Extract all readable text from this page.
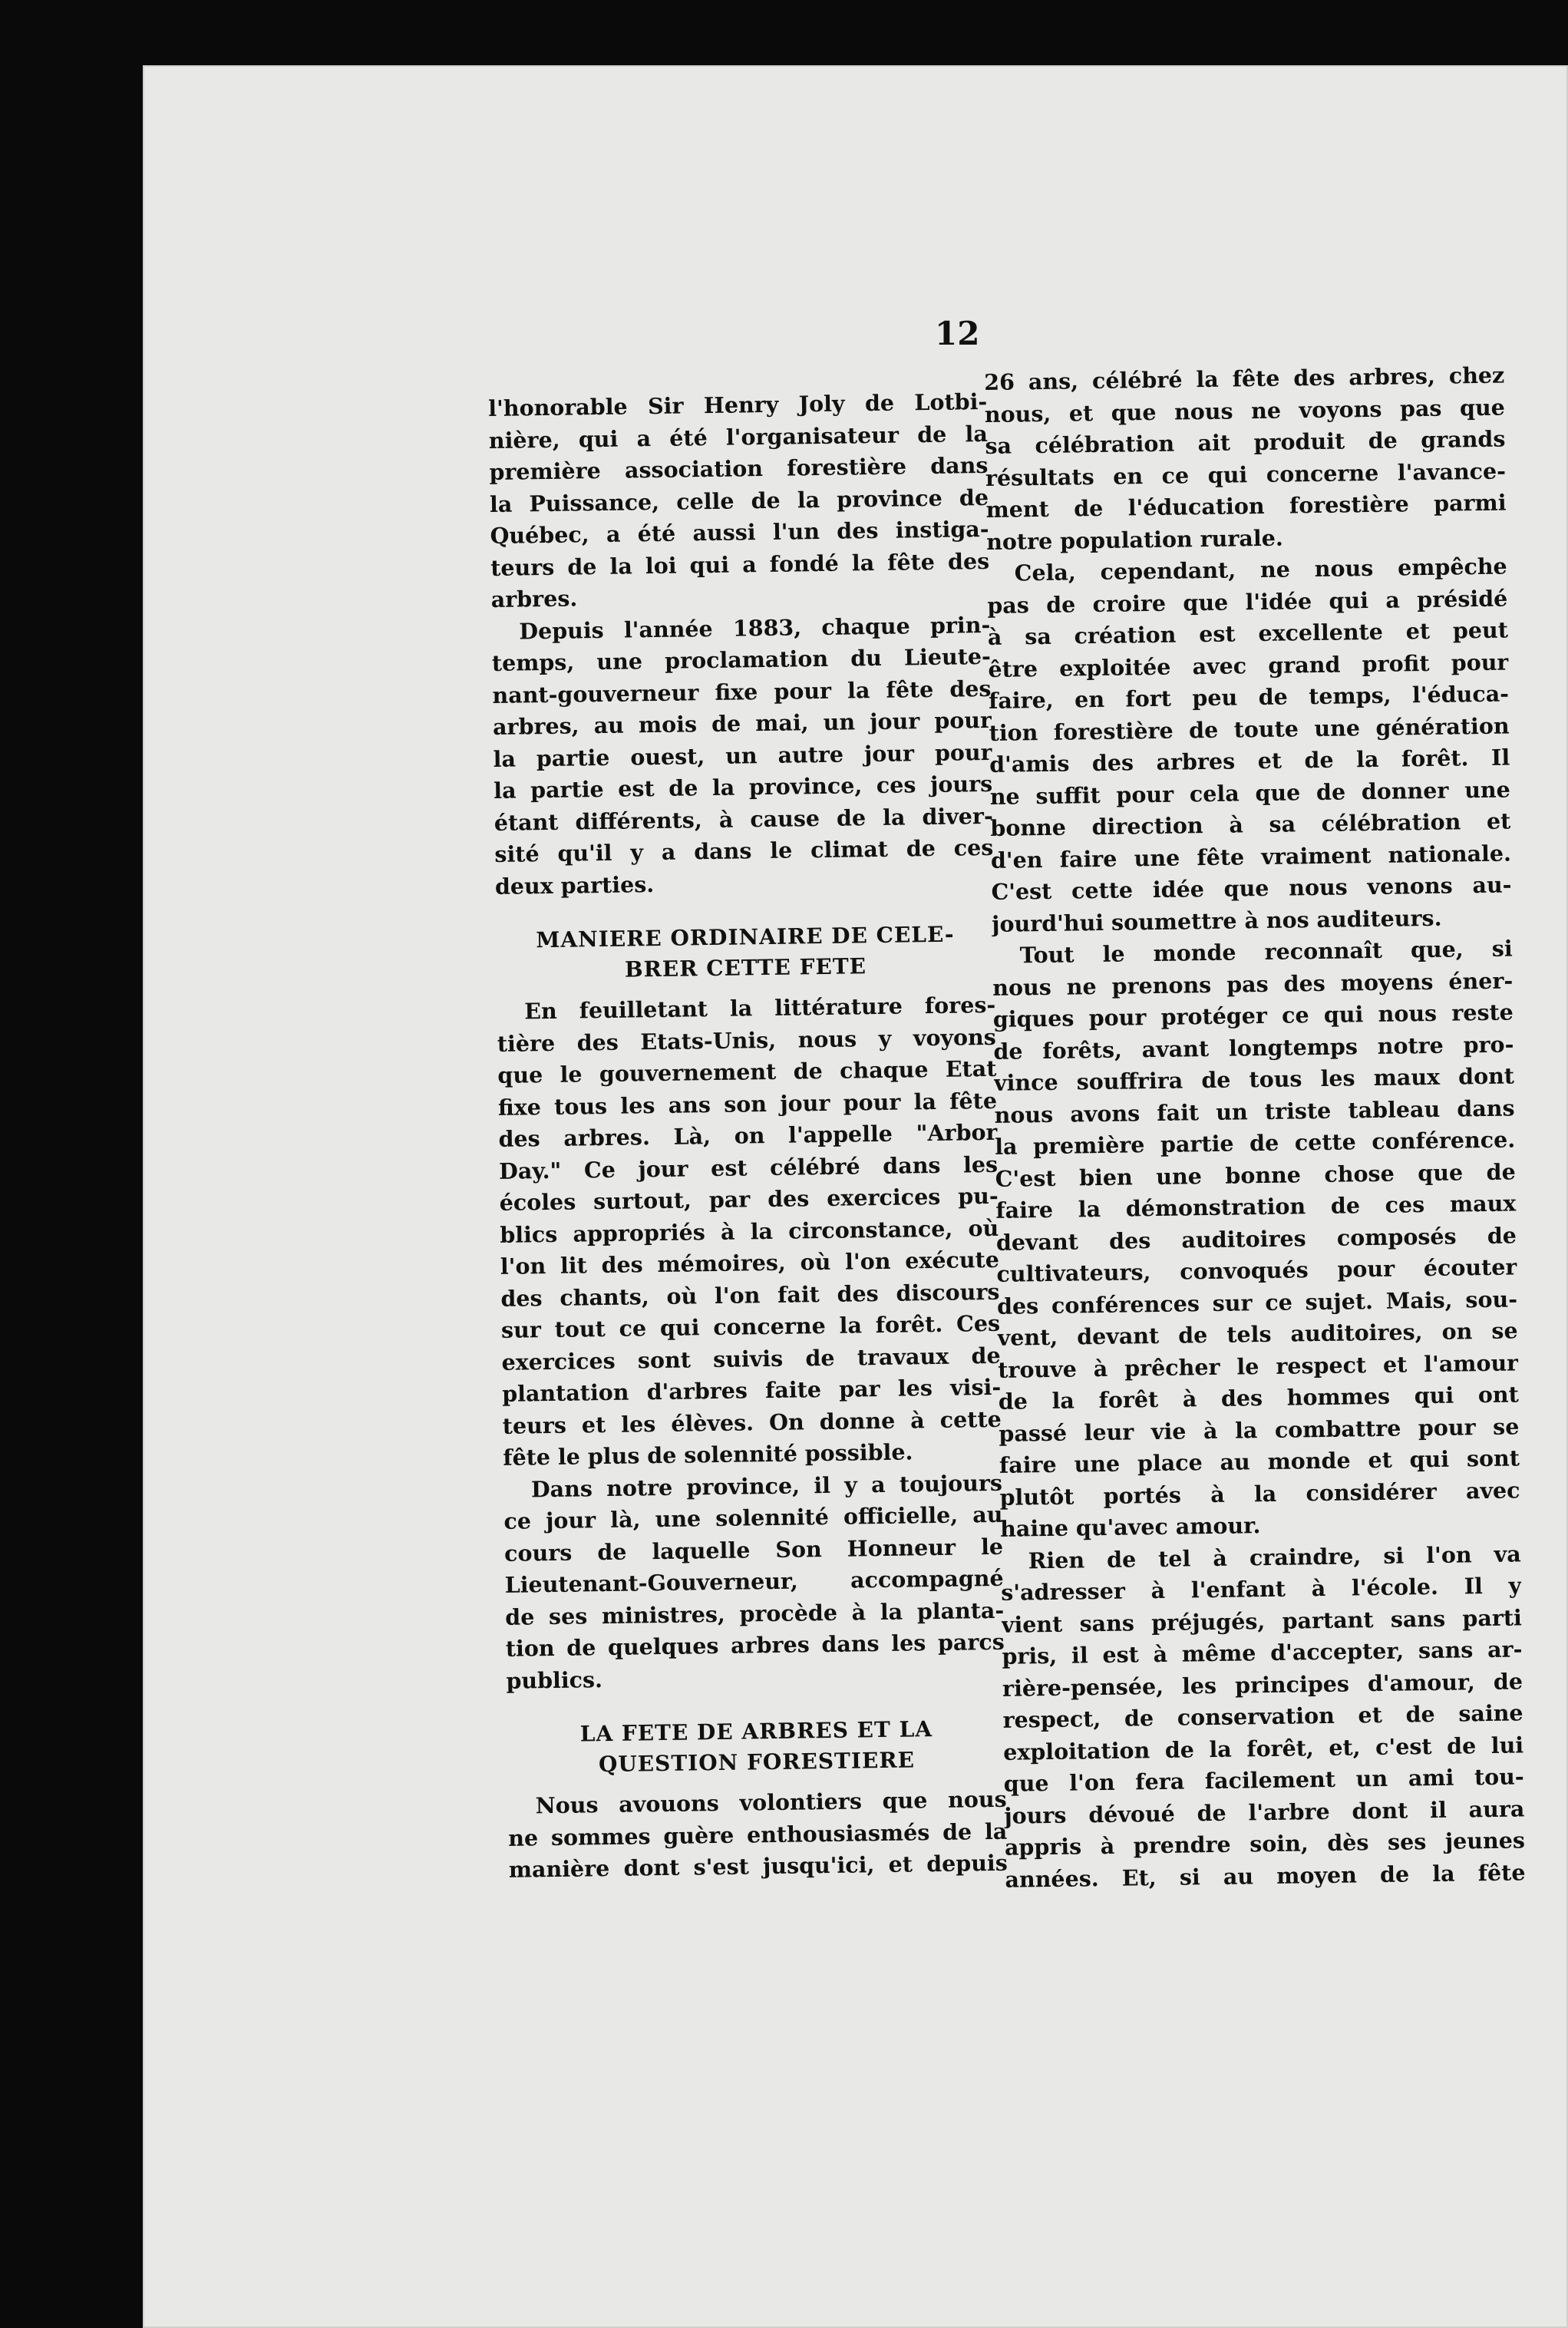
12
l'honorable Sir Henry Joly de Lotbi-
nière, qui a été l'organisateur de la
première association forestière dans
la Puissance, celle de la province de
Québec, a été aussi l'un des instiga-
teurs de la loi qui a fondé la fête des
arbres.
Depuis l'année 1883, chaque prin-
temps, une proclamation du Lieute-
nant-gouverneur fixe pour la fête des
arbres, au mois de mai, un jour pour
la partie ouest, un autre jour pour
la partie est de la province, ces jours
étant différents, à cause de la diver-
sité qu'il y a dans le climat de ces
deux parties.
MANIERE ORDINAIRE DE CELE-
BRER CETTE FETE
En feuilletant la littérature fores-
tière des Etats-Unis, nous y voyons
que le gouvernement de chaque Etat
fixe tous les ans son jour pour la fête
des arbres. Là, on l'appelle "Arbor
Day." Ce jour est célébré dans les
écoles surtout, par des exercices pu-
blics appropriés à la circonstance, où
l'on lit des mémoires, où l'on exécute
des chants, où l'on fait des discours
sur tout ce qui concerne la forêt. Ces
exercices sont suivis de travaux de
plantation d'arbres faite par les visi-
teurs et les élèves. On donne à cette
fête le plus de solennité possible.
Dans notre province, il y a toujours
ce jour là, une solennité officielle, au
cours de laquelle Son Honneur le
Lieutenant-Gouverneur, accompagné
de ses ministres, procède à la planta-
tion de quelques arbres dans les parcs
publics.
LA FETE DE ARBRES ET LA
QUESTION FORESTIERE
Nous avouons volontiers que nous
ne sommes guère enthousiasmés de la
manière dont s'est jusqu'ici, et depuis
26 ans, célébré la fête des arbres, chez
nous, et que nous ne voyons pas que
sa célébration ait produit de grands
résultats en ce qui concerne l'avance-
ment de l'éducation forestière parmi
notre population rurale.
Cela, cependant, ne nous empêche
pas de croire que l'idée qui a présidé
à sa création est excellente et peut
être exploitée avec grand profit pour
faire, en fort peu de temps, l'éduca-
tion forestière de toute une génération
d'amis des arbres et de la forêt. Il
ne suffit pour cela que de donner une
bonne direction à sa célébration et
d'en faire une fête vraiment nationale.
C'est cette idée que nous venons au-
jourd'hui soumettre à nos auditeurs.
Tout le monde reconnaît que, si
nous ne prenons pas des moyens éner-
giques pour protéger ce qui nous reste
de forêts, avant longtemps notre pro-
vince souffrira de tous les maux dont
nous avons fait un triste tableau dans
la première partie de cette conférence.
C'est bien une bonne chose que de
faire la démonstration de ces maux
devant des auditoires composés de
cultivateurs, convoqués pour écouter
des conférences sur ce sujet. Mais, sou-
vent, devant de tels auditoires, on se
trouve à prêcher le respect et l'amour
de la forêt à des hommes qui ont
passé leur vie à la combattre pour se
faire une place au monde et qui sont
plutôt portés à la considérer avec
haine qu'avec amour.
Rien de tel à craindre, si l'on va
s'adresser à l'enfant à l'école. Il y
vient sans préjugés, partant sans parti
pris, il est à même d'accepter, sans ar-
rière-pensée, les principes d'amour, de
respect, de conservation et de saine
exploitation de la forêt, et, c'est de lui
que l'on fera facilement un ami tou-
jours dévoué de l'arbre dont il aura
appris à prendre soin, dès ses jeunes
années. Et, si au moyen de la fête
